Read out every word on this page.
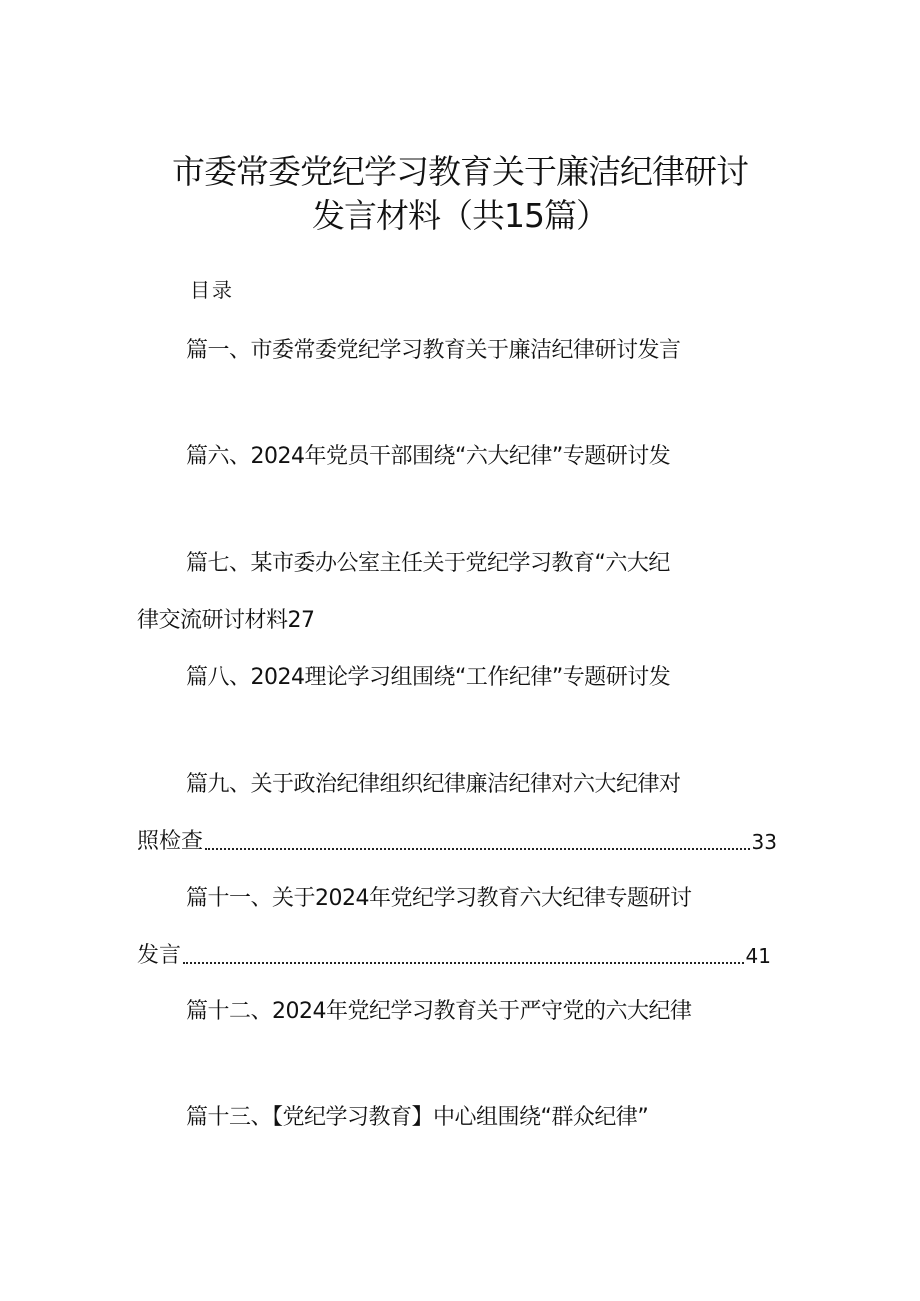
市委常委党纪学习教育关于廉洁纪律研讨
发言材料（共15篇）
目录
篇一、市委常委党纪学习教育关于廉洁纪律研讨发言
篇六、2024年党员干部围绕“六大纪律”专题研讨发
篇七、某市委办公室主任关于党纪学习教育“六大纪
律交流研讨材料27
篇八、2024理论学习组围绕“工作纪律”专题研讨发
篇九、关于政治纪律组织纪律廉洁纪律对六大纪律对
照检查	33
篇十一、关于2024年党纪学习教育六大纪律专题研讨
发言	41
篇十二、2024年党纪学习教育关于严守党的六大纪律
篇十三、【党纪学习教育】中心组围绕“群众纪律”
